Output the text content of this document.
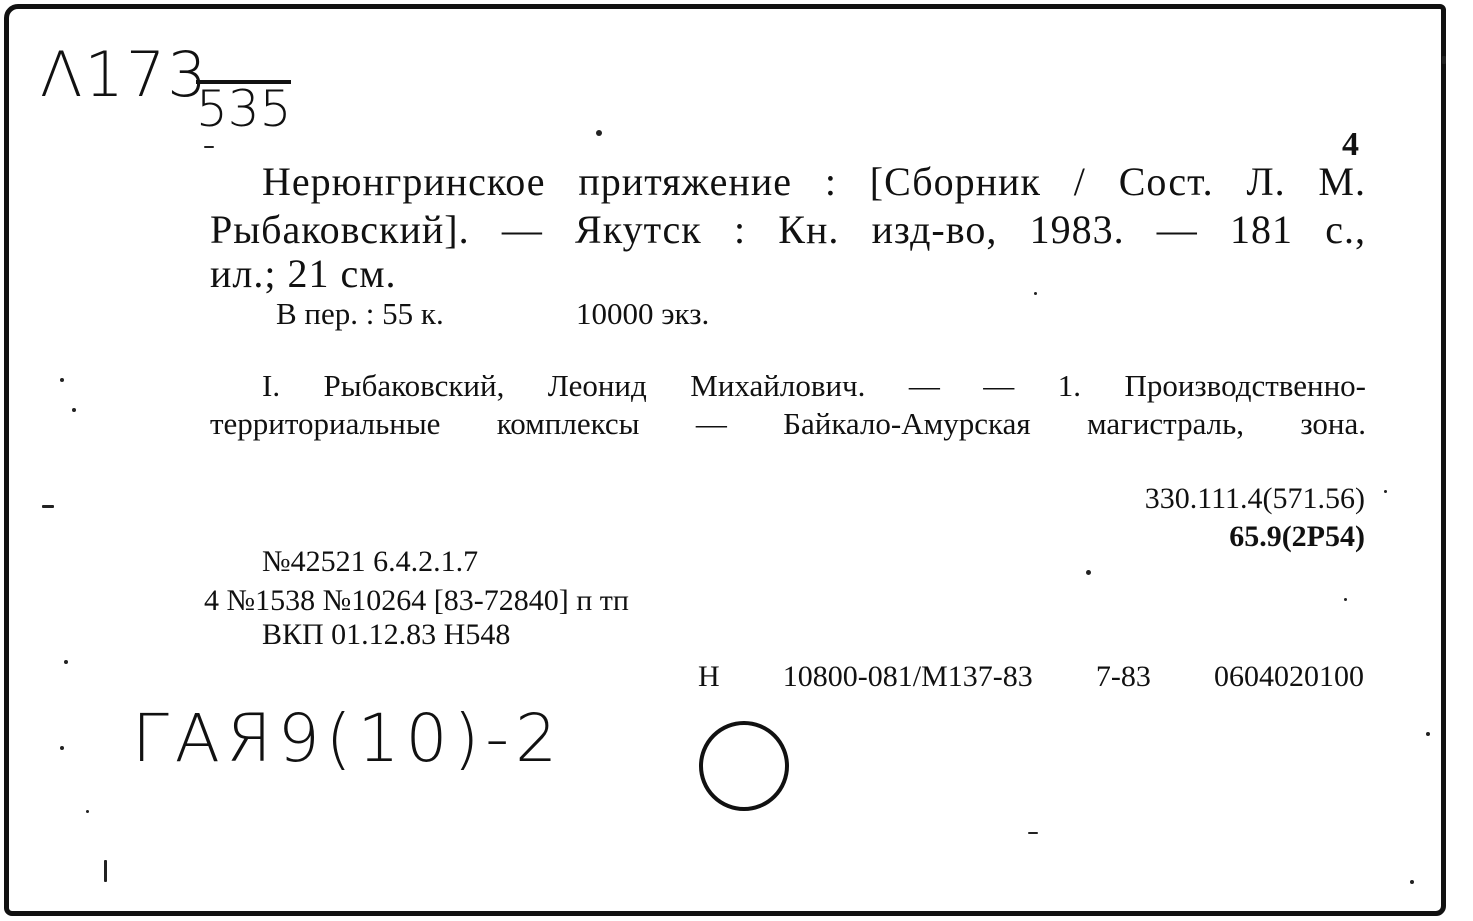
Λ173
535
4

Нерюнгринское притяжение : [Сборник / Сост. Л. М.

Рыбаковский]. — Якутск : Кн. изд-во, 1983. — 181 с.,

ил.; 21 см.

В пер. : 55 к.	10000 экз.

I. Рыбаковский, Леонид Михайлович. — — 1. Производственно-

территориальные комплексы — Байкало-Амурская магистраль, зона.

330.111.4(571.56)

65.9(2Р54)

№42521 6.4.2.1.7

4 №1538 №10264 [83-72840] п тп

ВКП 01.12.83 Н548

Н 10800-081/М137-83 7-83 0604020100

ГАЯ9(10)-2
